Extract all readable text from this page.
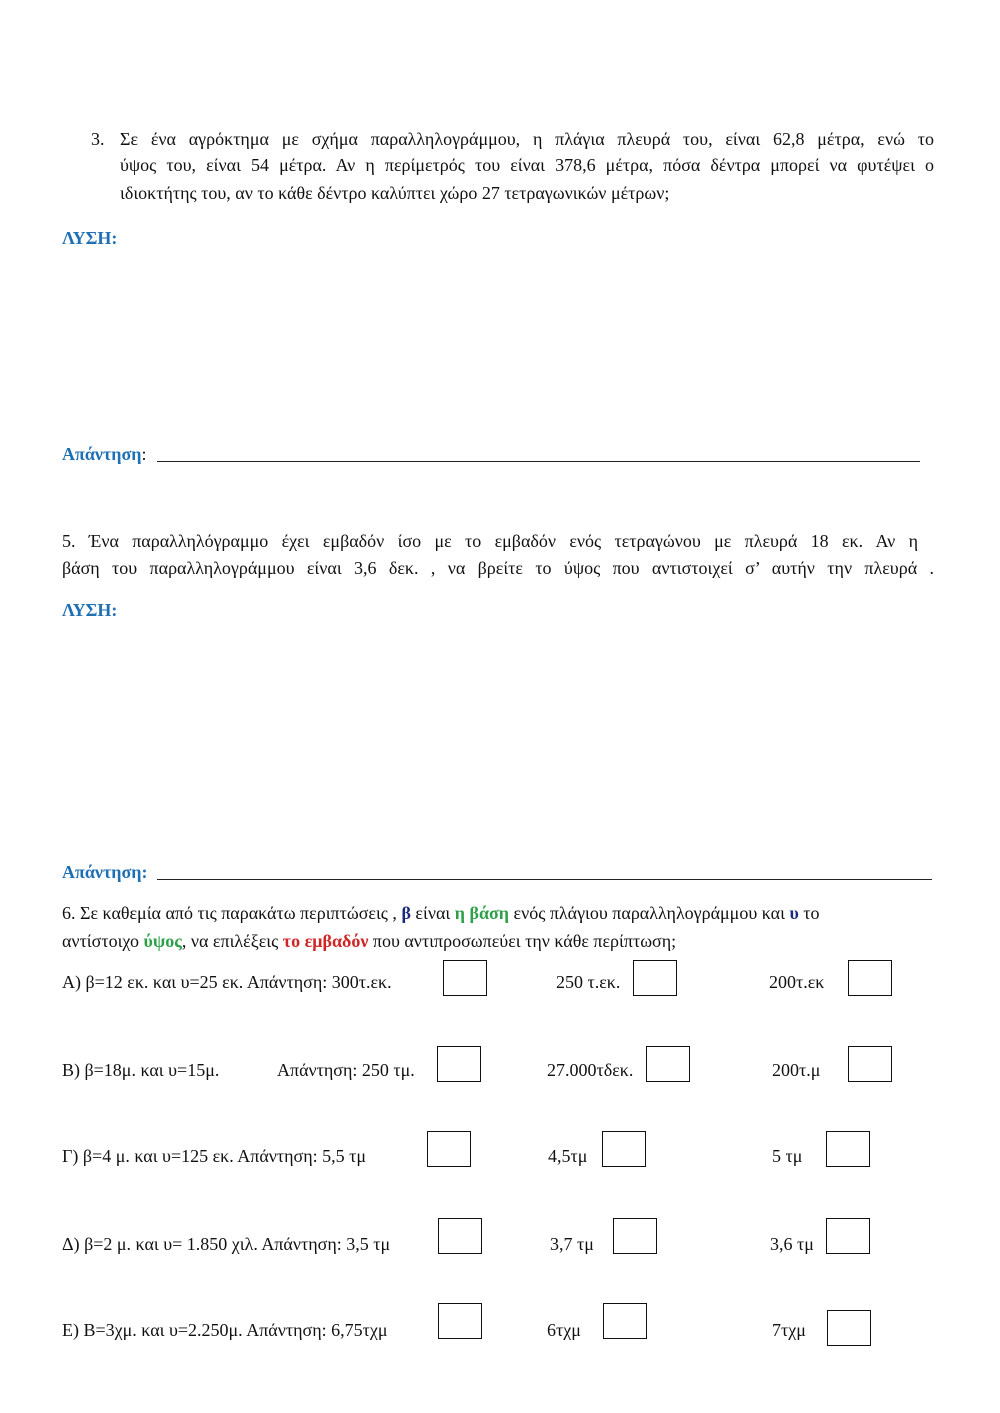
3. Σε ένα αγρόκτημα με σχήμα παραλληλογράμμου, η πλάγια πλευρά του, είναι 62,8 μέτρα, ενώ το
ύψος του, είναι 54 μέτρα. Αν η περίμετρός του είναι 378,6 μέτρα, πόσα δέντρα μπορεί να φυτέψει ο
ιδιοκτήτης του, αν το κάθε δέντρο καλύπτει χώρο 27 τετραγωνικών μέτρων;
ΛΥΣΗ:
Απάντηση:
5. Ένα παραλληλόγραμμο έχει εμβαδόν ίσο με το εμβαδόν ενός τετραγώνου με πλευρά 18 εκ. Αν η
βάση του παραλληλογράμμου είναι 3,6 δεκ. , να βρείτε το ύψος που αντιστοιχεί σ’ αυτήν την πλευρά .
ΛΥΣΗ:
Απάντηση:
6. Σε καθεμία από τις παρακάτω περιπτώσεις , β είναι η βάση ενός πλάγιου παραλληλογράμμου και υ το
αντίστοιχο ύψος, να επιλέξεις το εμβαδόν που αντιπροσωπεύει την κάθε περίπτωση;
Α) β=12 εκ. και υ=25 εκ. Απάντηση: 300τ.εκ.	250 τ.εκ.	200τ.εκ
Β) β=18μ. και υ=15μ.	Απάντηση: 250 τμ.	27.000τδεκ.	200τ.μ
Γ) β=4 μ. και υ=125 εκ. Απάντηση: 5,5 τμ	4,5τμ	5 τμ
Δ) β=2 μ. και υ= 1.850 χιλ. Απάντηση: 3,5 τμ	3,7 τμ	3,6 τμ
Ε) Β=3χμ. και υ=2.250μ. Απάντηση: 6,75τχμ	6τχμ	7τχμ
